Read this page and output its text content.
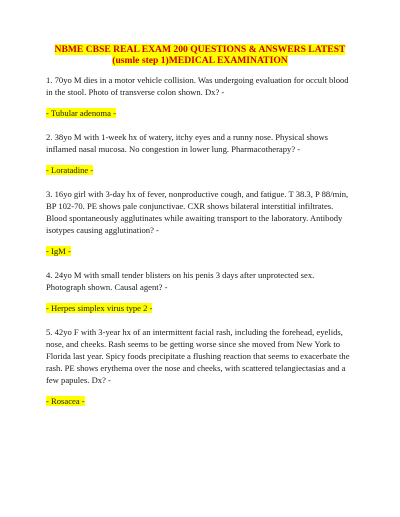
NBME CBSE REAL EXAM 200 QUESTIONS & ANSWERS LATEST
(usmle step 1)MEDICAL EXAMINATION

1. 70yo M dies in a motor vehicle collision. Was undergoing evaluation for occult blood in the stool. Photo of transverse colon shown. Dx? -

- Tubular adenoma -

2. 38yo M with 1-week hx of watery, itchy eyes and a runny nose. Physical shows inflamed nasal mucosa. No congestion in lower lung. Pharmacotherapy? -

- Loratadine -

3. 16yo girl with 3-day hx of fever, nonproductive cough, and fatigue. T 38.3, P 88/min, BP 102-70. PE shows pale conjunctivae. CXR shows bilateral interstitial infiltrates. Blood spontaneously agglutinates while awaiting transport to the laboratory. Antibody isotypes causing agglutination? -

- IgM -

4. 24yo M with small tender blisters on his penis 3 days after unprotected sex. Photograph shown. Causal agent? -

- Herpes simplex virus type 2 -

5. 42yo F with 3-year hx of an intermittent facial rash, including the forehead, eyelids, nose, and cheeks. Rash seems to be getting worse since she moved from New York to Florida last year. Spicy foods precipitate a flushing reaction that seems to exacerbate the rash. PE shows erythema over the nose and cheeks, with scattered telangiectasias and a few papules. Dx? -

- Rosacea -
